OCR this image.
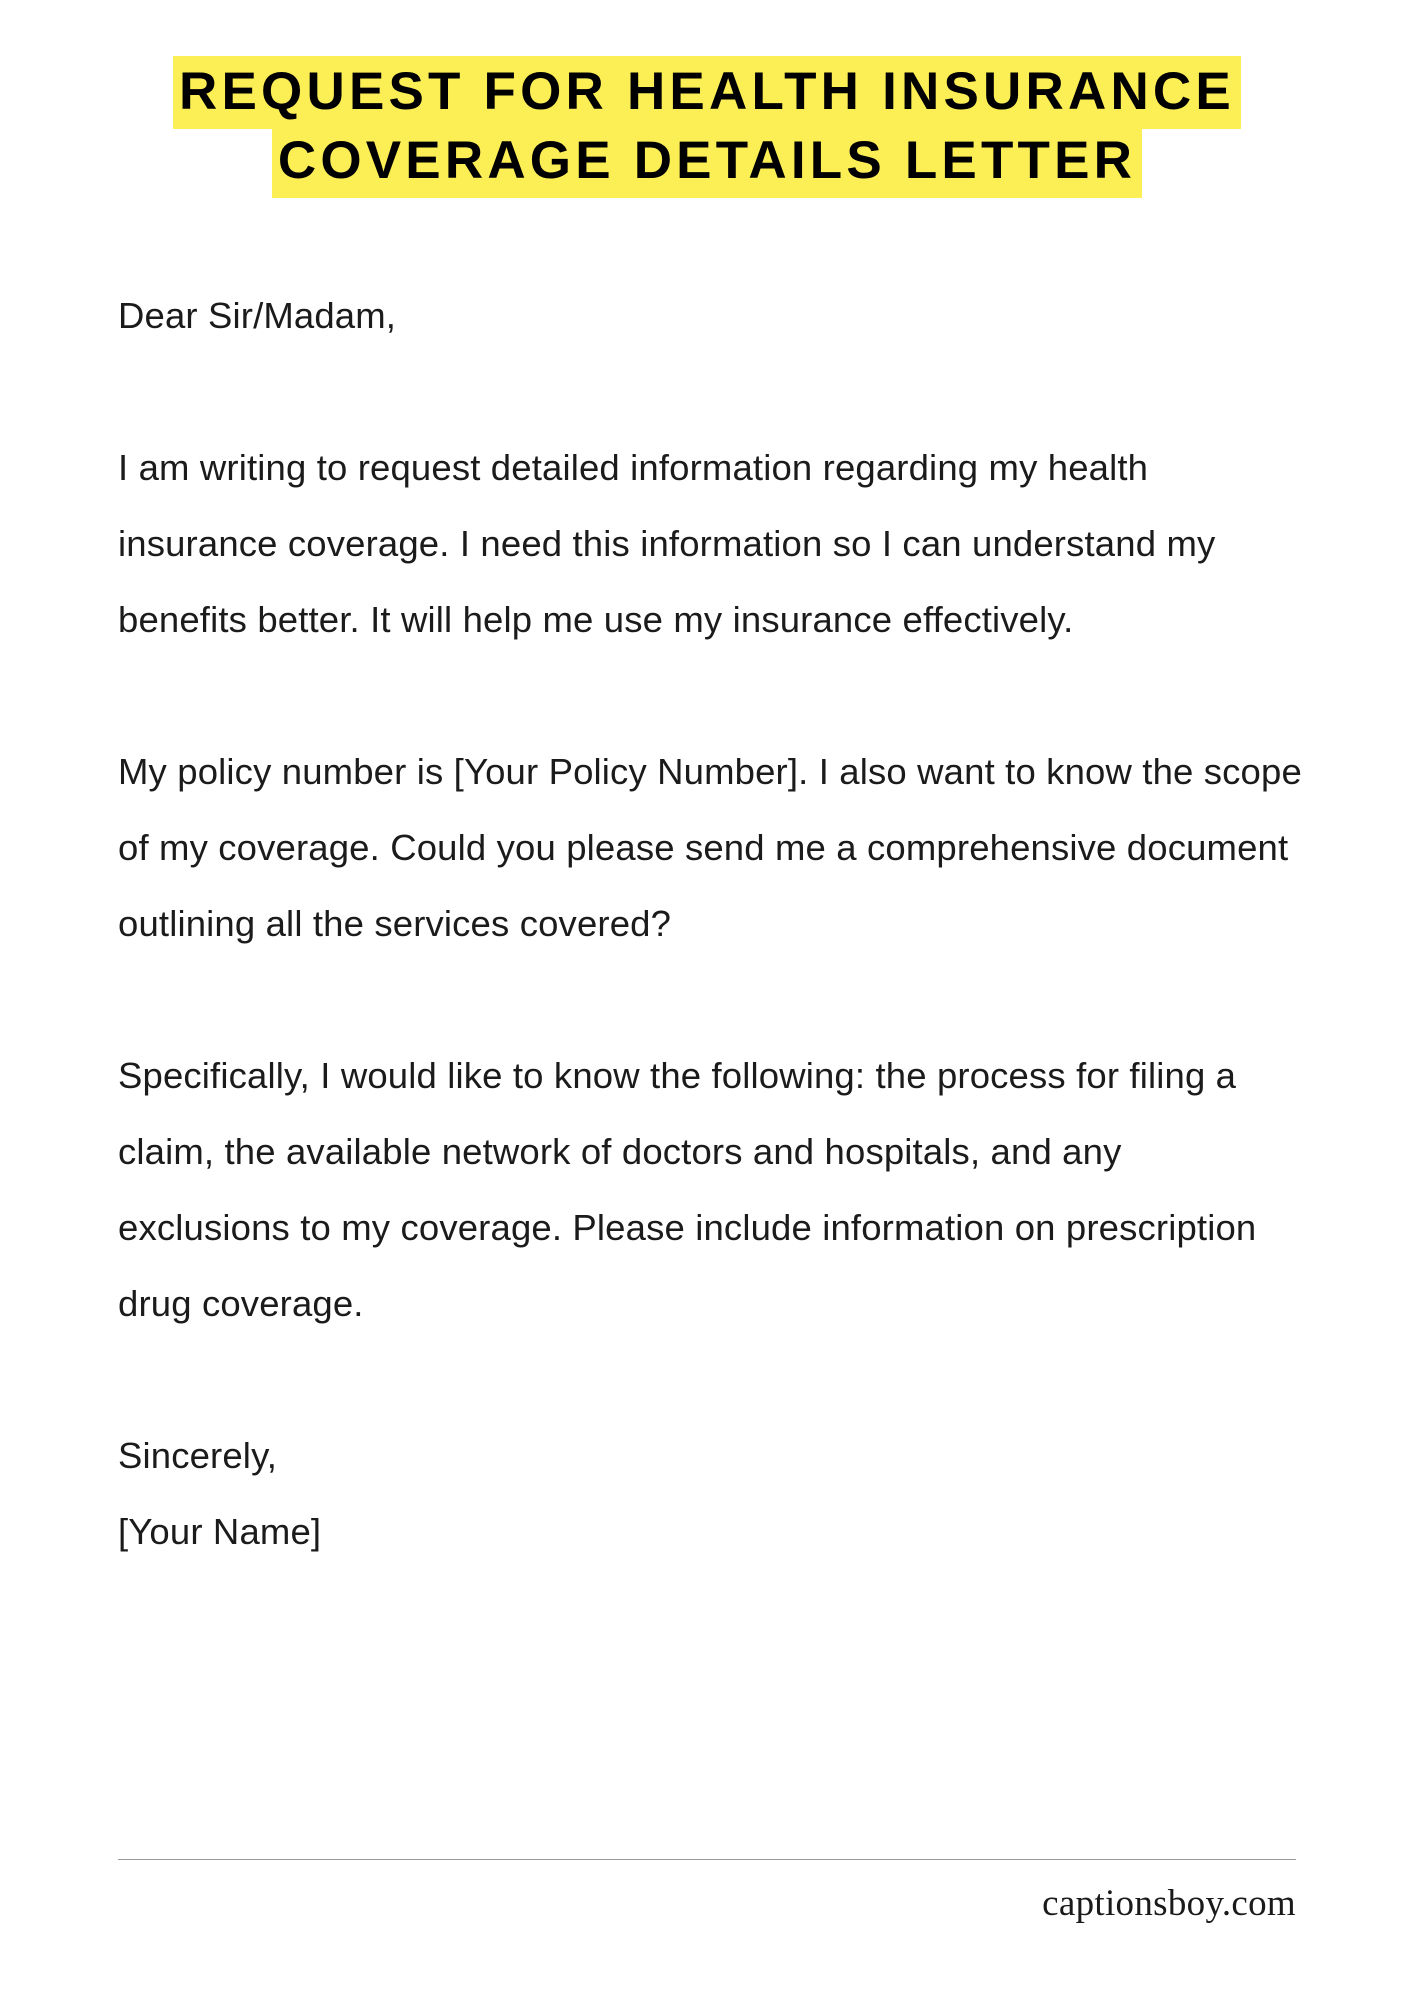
REQUEST FOR HEALTH INSURANCE
COVERAGE DETAILS LETTER

Dear Sir/Madam,

I am writing to request detailed information regarding my health insurance coverage. I need this information so I can understand my benefits better. It will help me use my insurance effectively.

My policy number is [Your Policy Number]. I also want to know the scope of my coverage. Could you please send me a comprehensive document outlining all the services covered?

Specifically, I would like to know the following: the process for filing a claim, the available network of doctors and hospitals, and any exclusions to my coverage. Please include information on prescription drug coverage.

Sincerely,

[Your Name]

captionsboy.com
